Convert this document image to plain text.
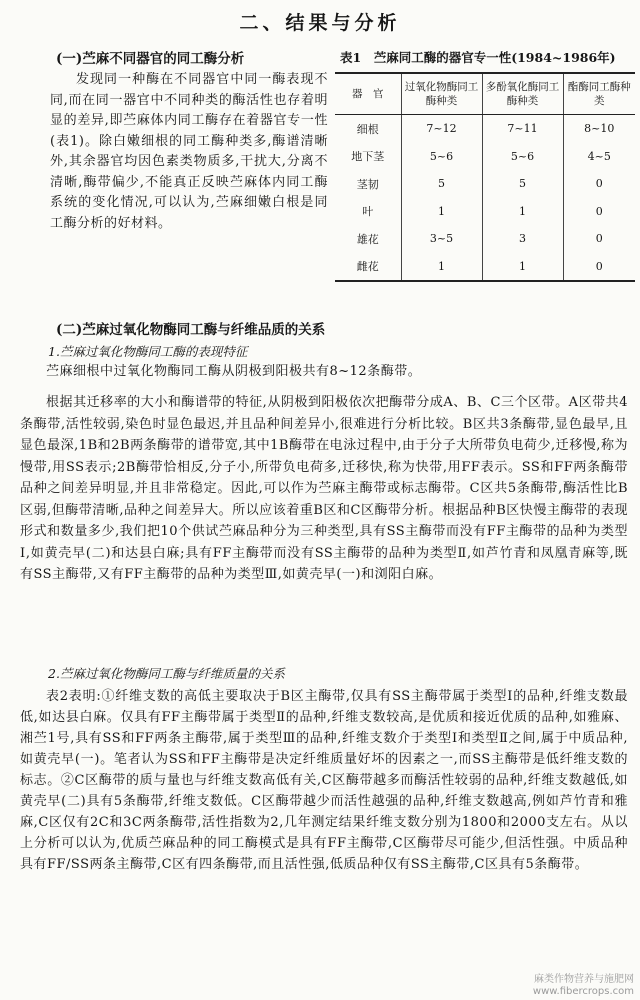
二、结果与分析
(一)苎麻不同器官的同工酶分析
发现同一种酶在不同器官中同一酶表现不同,而在同一器官中不同种类的酶活性也存着明显的差异,即苎麻体内同工酶存在着器官专一性(表1)。除白嫩细根的同工酶种类多,酶谱清晰外,其余器官均因色素类物质多,干扰大,分离不清晰,酶带偏少,不能真正反映苎麻体内同工酶系统的变化情况,可以认为,苎麻细嫩白根是同工酶分析的好材料。
表1　苎麻同工酶的器官专一性(1984~1986年)
器　官	过氧化物酶同工酶种类	多酚氧化酶同工酶种类	酯酶同工酶种类
细根	7~12	7~11	8~10
地下茎	5~6	5~6	4~5
茎韧	5	5	0
叶	1	1	0
雄花	3~5	3	0
雌花	1	1	0
(二)苎麻过氧化物酶同工酶与纤维品质的关系
1.苎麻过氧化物酶同工酶的表现特征
苎麻细根中过氧化物酶同工酶从阴极到阳极共有8~12条酶带。
根据其迁移率的大小和酶谱带的特征,从阴极到阳极依次把酶带分成A、B、C三个区带。A区带共4条酶带,活性较弱,染色时显色最迟,并且品种间差异小,很难进行分析比较。B区共3条酶带,显色最早,且显色最深,1B和2B两条酶带的谱带宽,其中1B酶带在电泳过程中,由于分子大所带负电荷少,迁移慢,称为慢带,用SS表示;2B酶带恰相反,分子小,所带负电荷多,迁移快,称为快带,用FF表示。SS和FF两条酶带品种之间差异明显,并且非常稳定。因此,可以作为苎麻主酶带或标志酶带。C区共5条酶带,酶活性比B区弱,但酶带清晰,品种之间差异大。所以应该着重B区和C区酶带分析。根据品种B区快慢主酶带的表现形式和数量多少,我们把10个供试苎麻品种分为三种类型,具有SS主酶带而没有FF主酶带的品种为类型Ⅰ,如黄壳早(二)和达县白麻;具有FF主酶带而没有SS主酶带的品种为类型Ⅱ,如芦竹青和凤凰青麻等,既有SS主酶带,又有FF主酶带的品种为类型Ⅲ,如黄壳早(一)和浏阳白麻。
2.苎麻过氧化物酶同工酶与纤维质量的关系
表2表明:①纤维支数的高低主要取决于B区主酶带,仅具有SS主酶带属于类型Ⅰ的品种,纤维支数最低,如达县白麻。仅具有FF主酶带属于类型Ⅱ的品种,纤维支数较高,是优质和接近优质的品种,如雅麻、湘苎1号,具有SS和FF两条主酶带,属于类型Ⅲ的品种,纤维支数介于类型Ⅰ和类型Ⅱ之间,属于中质品种,如黄壳早(一)。笔者认为SS和FF主酶带是决定纤维质量好坏的因素之一,而SS主酶带是低纤维支数的标志。②C区酶带的质与量也与纤维支数高低有关,C区酶带越多而酶活性较弱的品种,纤维支数越低,如黄壳早(二)具有5条酶带,纤维支数低。C区酶带越少而活性越强的品种,纤维支数越高,例如芦竹青和雅麻,C区仅有2C和3C两条酶带,活性指数为2,几年测定结果纤维支数分别为1800和2000支左右。从以上分析可以认为,优质苎麻品种的同工酶模式是具有FF主酶带,C区酶带尽可能少,但活性强。中质品种具有FF/SS两条主酶带,C区有四条酶带,而且活性强,低质品种仅有SS主酶带,C区具有5条酶带。
麻类作物营养与施肥网
www.fibercrops.com
